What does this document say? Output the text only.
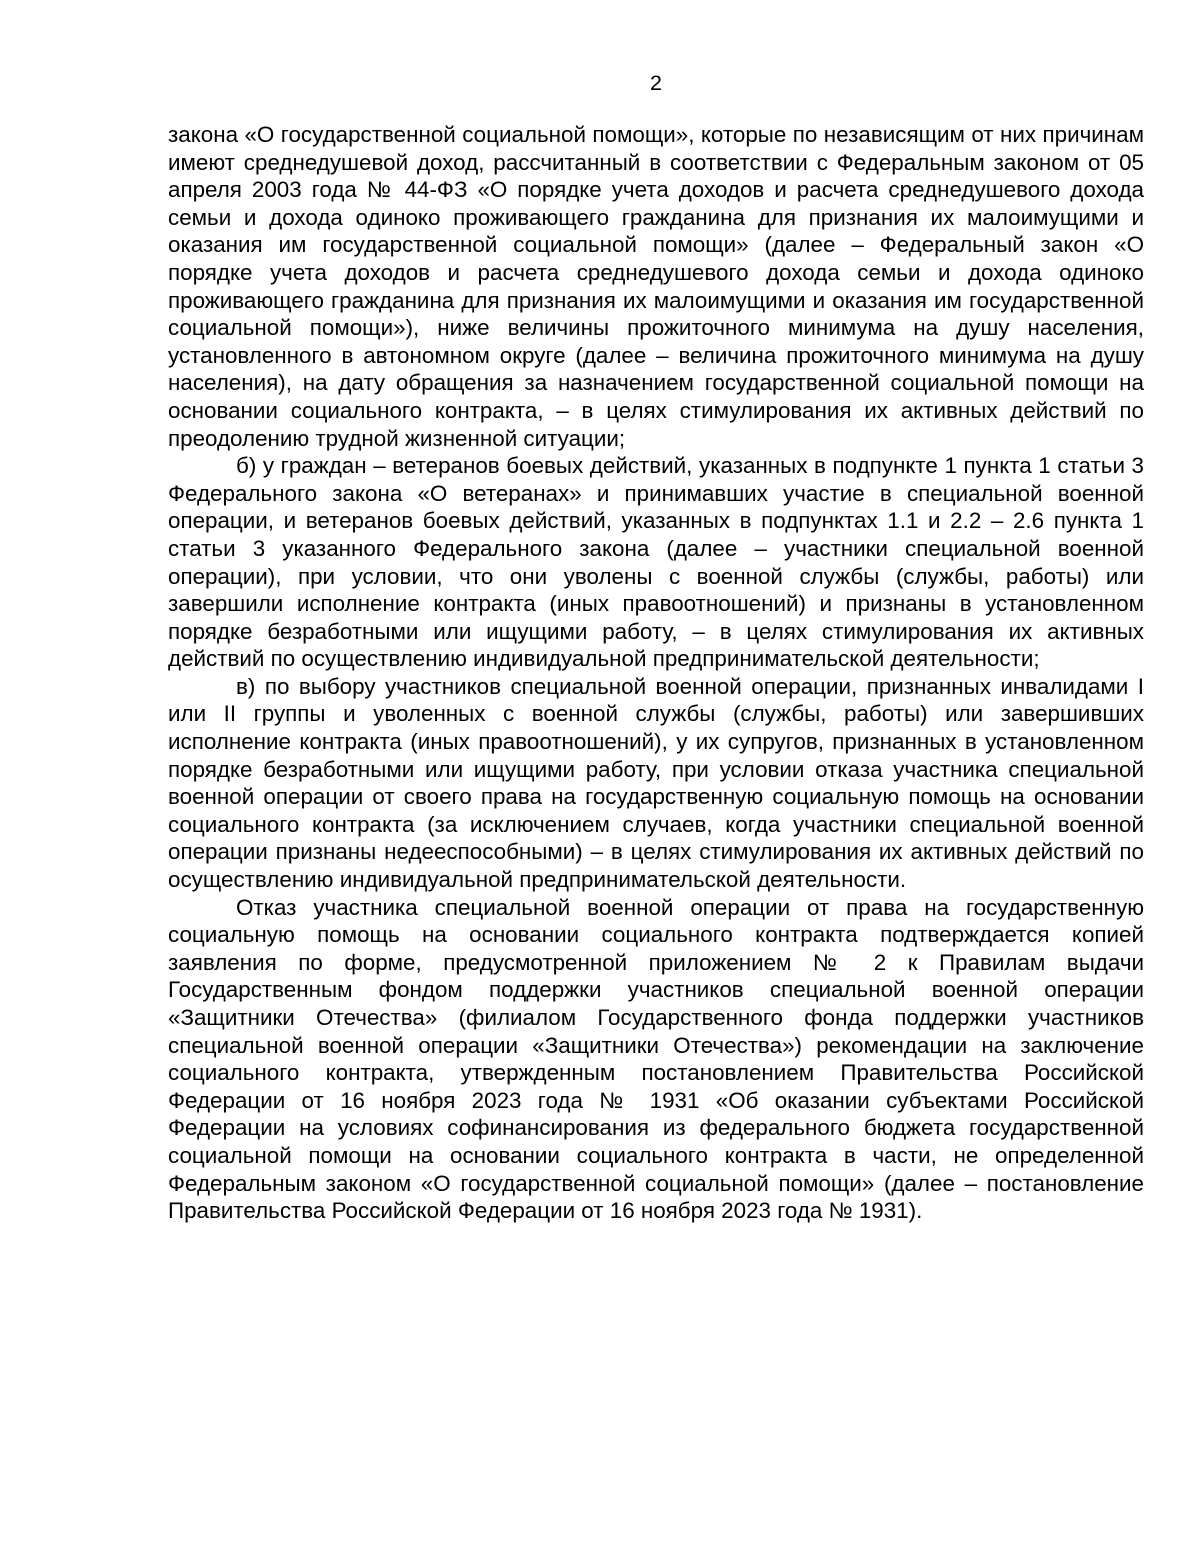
2

закона «О государственной социальной помощи», которые по независящим от них причинам имеют среднедушевой доход, рассчитанный в соответствии с Федеральным законом от 05 апреля 2003 года № 44-ФЗ «О порядке учета доходов и расчета среднедушевого дохода семьи и дохода одиноко проживающего гражданина для признания их малоимущими и оказания им государственной социальной помощи» (далее – Федеральный закон «О порядке учета доходов и расчета среднедушевого дохода семьи и дохода одиноко проживающего гражданина для признания их малоимущими и оказания им государственной социальной помощи»), ниже величины прожиточного минимума на душу населения, установленного в автономном округе (далее – величина прожиточного минимума на душу населения), на дату обращения за назначением государственной социальной помощи на основании социального контракта, – в целях стимулирования их активных действий по преодолению трудной жизненной ситуации;

б) у граждан – ветеранов боевых действий, указанных в подпункте 1 пункта 1 статьи 3 Федерального закона «О ветеранах» и принимавших участие в специальной военной операции, и ветеранов боевых действий, указанных в подпунктах 1.1 и 2.2 – 2.6 пункта 1 статьи 3 указанного Федерального закона (далее – участники специальной военной операции), при условии, что они уволены с военной службы (службы, работы) или завершили исполнение контракта (иных правоотношений) и признаны в установленном порядке безработными или ищущими работу, – в целях стимулирования их активных действий по осуществлению индивидуальной предпринимательской деятельности;

в) по выбору участников специальной военной операции, признанных инвалидами I или II группы и уволенных с военной службы (службы, работы) или завершивших исполнение контракта (иных правоотношений), у их супругов, признанных в установленном порядке безработными или ищущими работу, при условии отказа участника специальной военной операции от своего права на государственную социальную помощь на основании социального контракта (за исключением случаев, когда участники специальной военной операции признаны недееспособными) – в целях стимулирования их активных действий по осуществлению индивидуальной предпринимательской деятельности.

Отказ участника специальной военной операции от права на государственную социальную помощь на основании социального контракта подтверждается копией заявления по форме, предусмотренной приложением № 2 к Правилам выдачи Государственным фондом поддержки участников специальной военной операции «Защитники Отечества» (филиалом Государственного фонда поддержки участников специальной военной операции «Защитники Отечества») рекомендации на заключение социального контракта, утвержденным постановлением Правительства Российской Федерации от 16 ноября 2023 года № 1931 «Об оказании субъектами Российской Федерации на условиях софинансирования из федерального бюджета государственной социальной помощи на основании социального контракта в части, не определенной Федеральным законом «О государственной социальной помощи» (далее – постановление Правительства Российской Федерации от 16 ноября 2023 года № 1931).
